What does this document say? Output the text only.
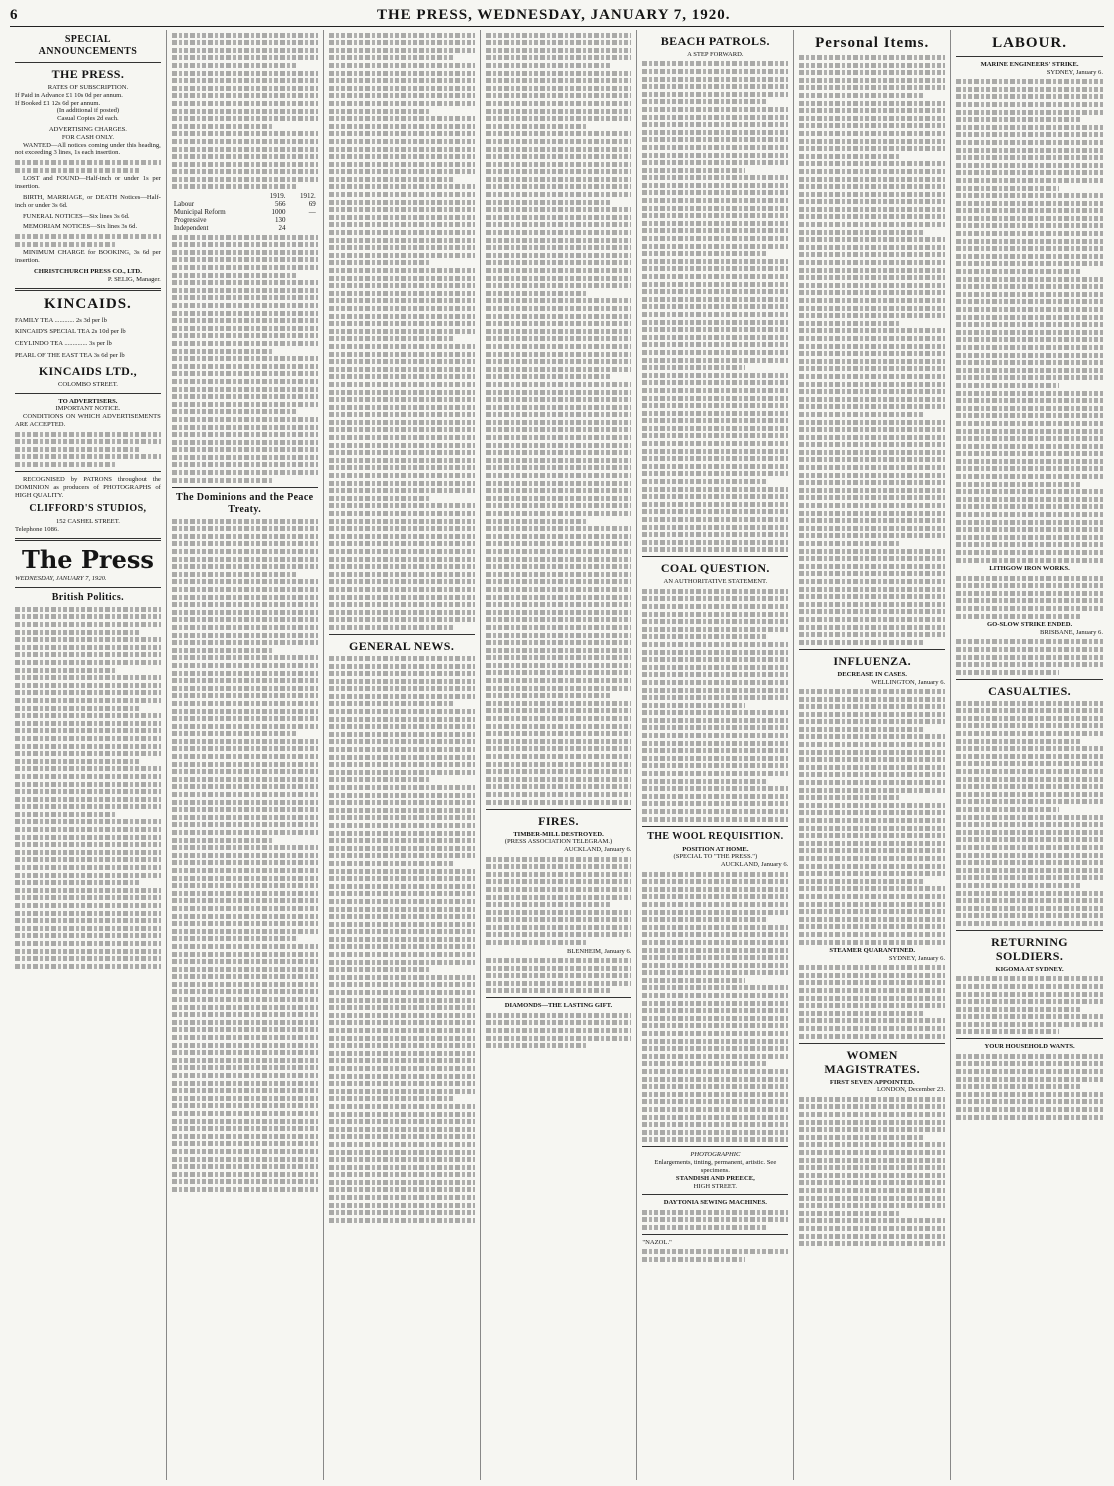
6	THE PRESS, WEDNESDAY, JANUARY 7, 1920.
SPECIAL ANNOUNCEMENTS
THE PRESS.
RATES OF SUBSCRIPTION.
If Paid in Advance £1 10s 0d per annum.
If Booked £1 12s 6d per annum.
(In additional if posted)
Casual Copies 2d each.
ADVERTISING CHARGES.
FOR CASH ONLY.

WANTED—All notices coming under this heading, not exceeding 3 lines, 1s each insertion.

LOST and FOUND—Half-inch or under 1s per insertion.

BIRTH, MARRIAGE, or DEATH Notices—Half-inch or under 3s 6d.

FUNERAL NOTICES—Six lines 3s 6d.

MEMORIAM NOTICES—Six lines 3s 6d.

MINIMUM CHARGE for BOOKING, 3s 6d per insertion.

CHRISTCHURCH PRESS CO., LTD.
P. SELIG, Manager.
KINCAIDS.
FAMILY TEA ............ 2s 3d per lb
KINCAID'S SPECIAL TEA 2s 10d per lb
CEYLINDO TEA .............. 3s per lb
PEARL OF THE EAST TEA 3s 6d per lb
KINCAIDS LTD.,
COLOMBO STREET.
TO ADVERTISERS.
IMPORTANT NOTICE.

CONDITIONS ON WHICH ADVERTISEMENTS ARE ACCEPTED.

RECOGNISED by PATRONS throughout the DOMINION as producers of PHOTOGRAPHS of HIGH QUALITY.

CLIFFORD'S STUDIOS,
152 CASHEL STREET.
Telephone 1086.
The Press
WEDNESDAY, JANUARY 7, 1920.
British Politics.
	1919.	1912.
Labour	566	69
Municipal Reform	1000	—
Progressive	130	
Independent	24	
The Dominions and the Peace Treaty.
GENERAL NEWS.
FIRES.
TIMBER-MILL DESTROYED.
(PRESS ASSOCIATION TELEGRAM.)
AUCKLAND, January 6.
BLENHEIM, January 6.
DIAMONDS—THE LASTING GIFT.
BEACH PATROLS.
A STEP FORWARD.
COAL QUESTION.
AN AUTHORITATIVE STATEMENT.
THE WOOL REQUISITION.
POSITION AT HOME.
(SPECIAL TO "THE PRESS.")
AUCKLAND, January 6.
PHOTOGRAPHIC
Enlargements, tinting, permanent, artistic. See specimens.
STANDISH AND PREECE,
HIGH STREET.
DAYTONIA SEWING MACHINES.
"NAZOL."
Personal Items.
INFLUENZA.
DECREASE IN CASES.
WELLINGTON, January 6.
STEAMER QUARANTINED.
SYDNEY, January 6.
WOMEN MAGISTRATES.
FIRST SEVEN APPOINTED.
LONDON, December 23.
LABOUR.
MARINE ENGINEERS' STRIKE.
SYDNEY, January 6.
LITHGOW IRON WORKS.
GO-SLOW STRIKE ENDED.
BRISBANE, January 6.
CASUALTIES.
RETURNING SOLDIERS.
KIGOMA AT SYDNEY.
YOUR HOUSEHOLD WANTS.
